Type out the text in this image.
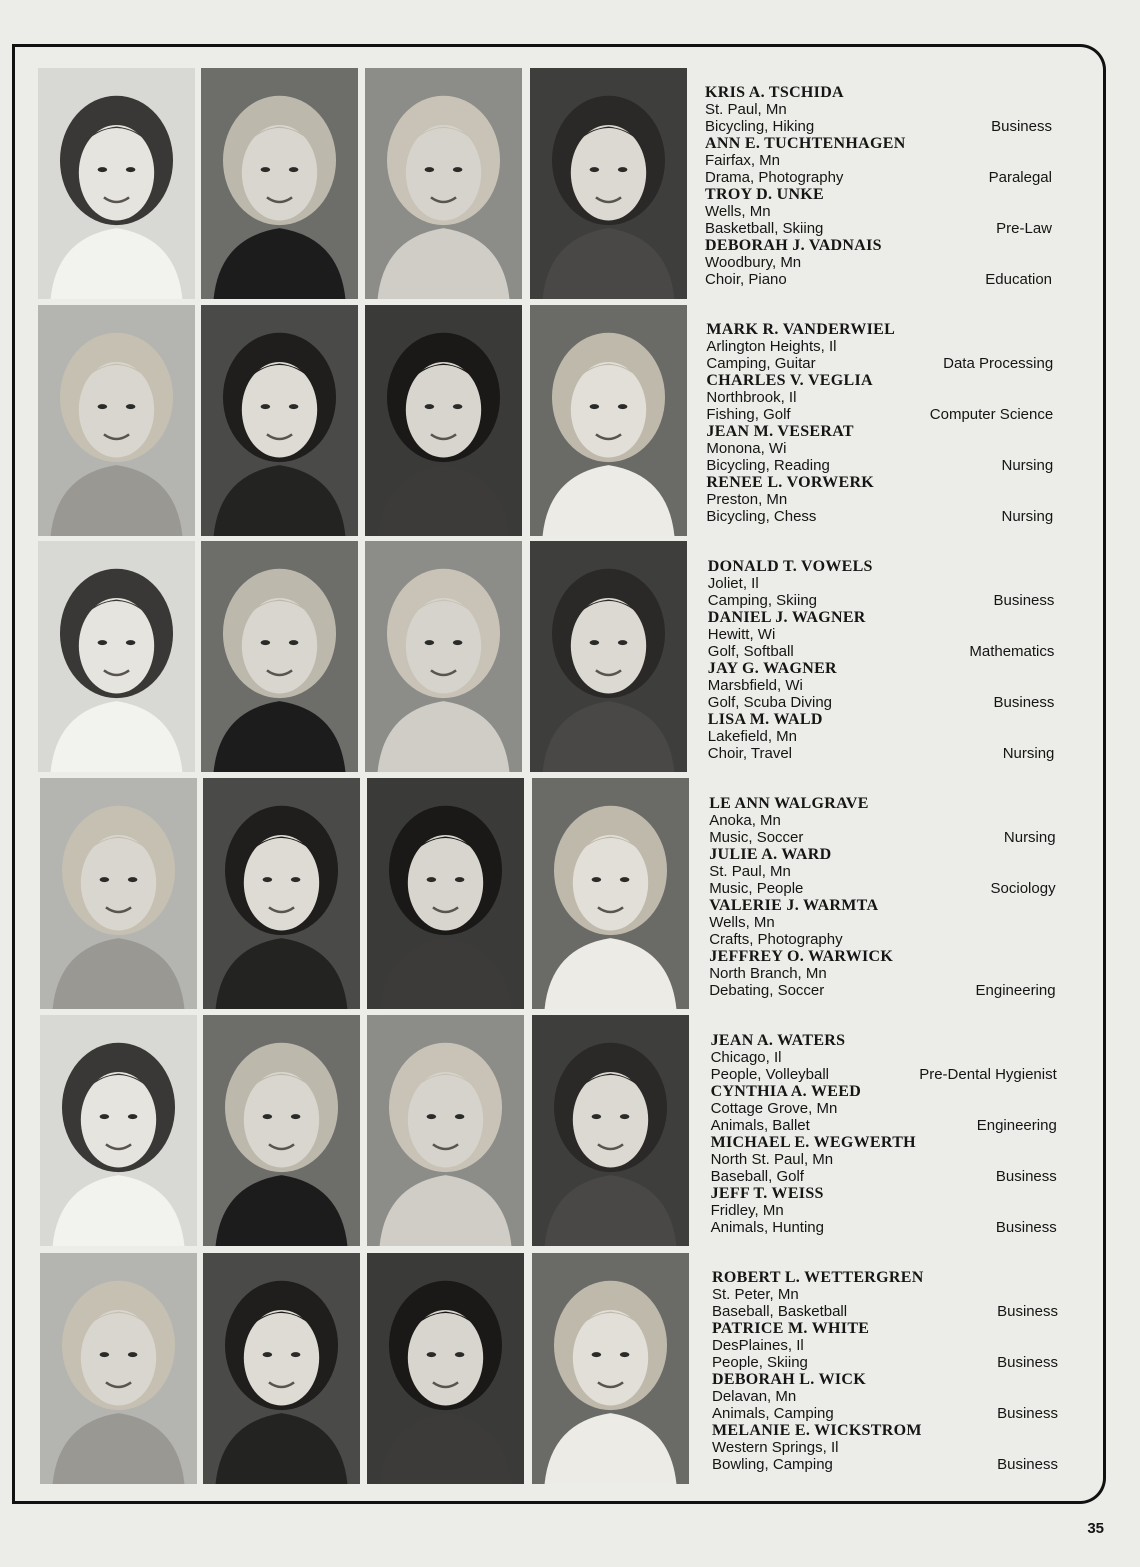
KRIS A. TSCHIDA
St. Paul, Mn
Bicycling, Hiking	Business
ANN E. TUCHTENHAGEN
Fairfax, Mn
Drama, Photography	Paralegal
TROY D. UNKE
Wells, Mn
Basketball, Skiing	Pre-Law
DEBORAH J. VADNAIS
Woodbury, Mn
Choir, Piano	Education
MARK R. VANDERWIEL
Arlington Heights, Il
Camping, Guitar	Data Processing
CHARLES V. VEGLIA
Northbrook, Il
Fishing, Golf	Computer Science
JEAN M. VESERAT
Monona, Wi
Bicycling, Reading	Nursing
RENEE L. VORWERK
Preston, Mn
Bicycling, Chess	Nursing
DONALD T. VOWELS
Joliet, Il
Camping, Skiing	Business
DANIEL J. WAGNER
Hewitt, Wi
Golf, Softball	Mathematics
JAY G. WAGNER
Marsbfield, Wi
Golf, Scuba Diving	Business
LISA M. WALD
Lakefield, Mn
Choir, Travel	Nursing
LE ANN WALGRAVE
Anoka, Mn
Music, Soccer	Nursing
JULIE A. WARD
St. Paul, Mn
Music, People	Sociology
VALERIE J. WARMTA
Wells, Mn
Crafts, Photography
JEFFREY O. WARWICK
North Branch, Mn
Debating, Soccer	Engineering
JEAN A. WATERS
Chicago, Il
People, Volleyball	Pre-Dental Hygienist
CYNTHIA A. WEED
Cottage Grove, Mn
Animals, Ballet	Engineering
MICHAEL E. WEGWERTH
North St. Paul, Mn
Baseball, Golf	Business
JEFF T. WEISS
Fridley, Mn
Animals, Hunting	Business
ROBERT L. WETTERGREN
St. Peter, Mn
Baseball, Basketball	Business
PATRICE M. WHITE
DesPlaines, Il
People, Skiing	Business
DEBORAH L. WICK
Delavan, Mn
Animals, Camping	Business
MELANIE E. WICKSTROM
Western Springs, Il
Bowling, Camping	Business
35
